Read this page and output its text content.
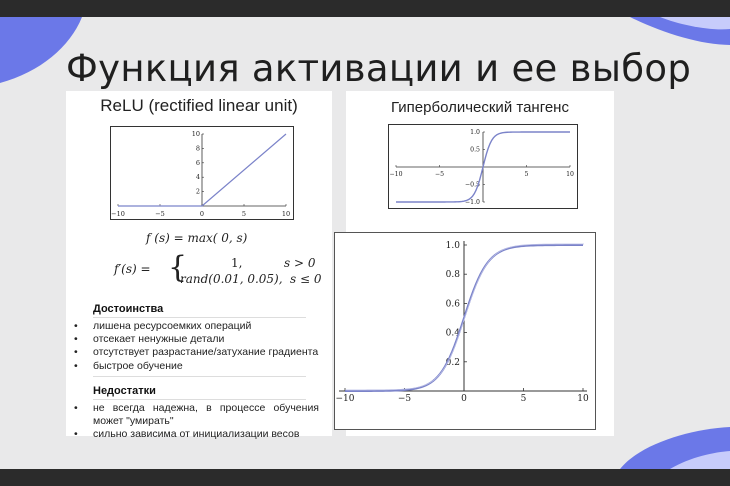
Функция активации и ее выбор
ReLU (rectified linear unit)
−10	−5	0	5	10
10
8
6
4
2
f (s) = max( 0, s)
f′(s) = {	1,	s > 0
rand(0.01, 0.05), s ≤ 0
Достоинства
• лишена ресурсоемких операций
• отсекает ненужные детали
• отсутствует разрастание/затухание градиента
• быстрое обучение
Недостатки
• не всегда надежна, в процессе обучения может "умирать"
• сильно зависима от инициализации весов
Гиперболический тангенс
−10	−5	5	10
1.0
0.5
−0.5
−1.0
−10	−5	0	5	10
1.0
0.8
0.6
0.4
0.2
